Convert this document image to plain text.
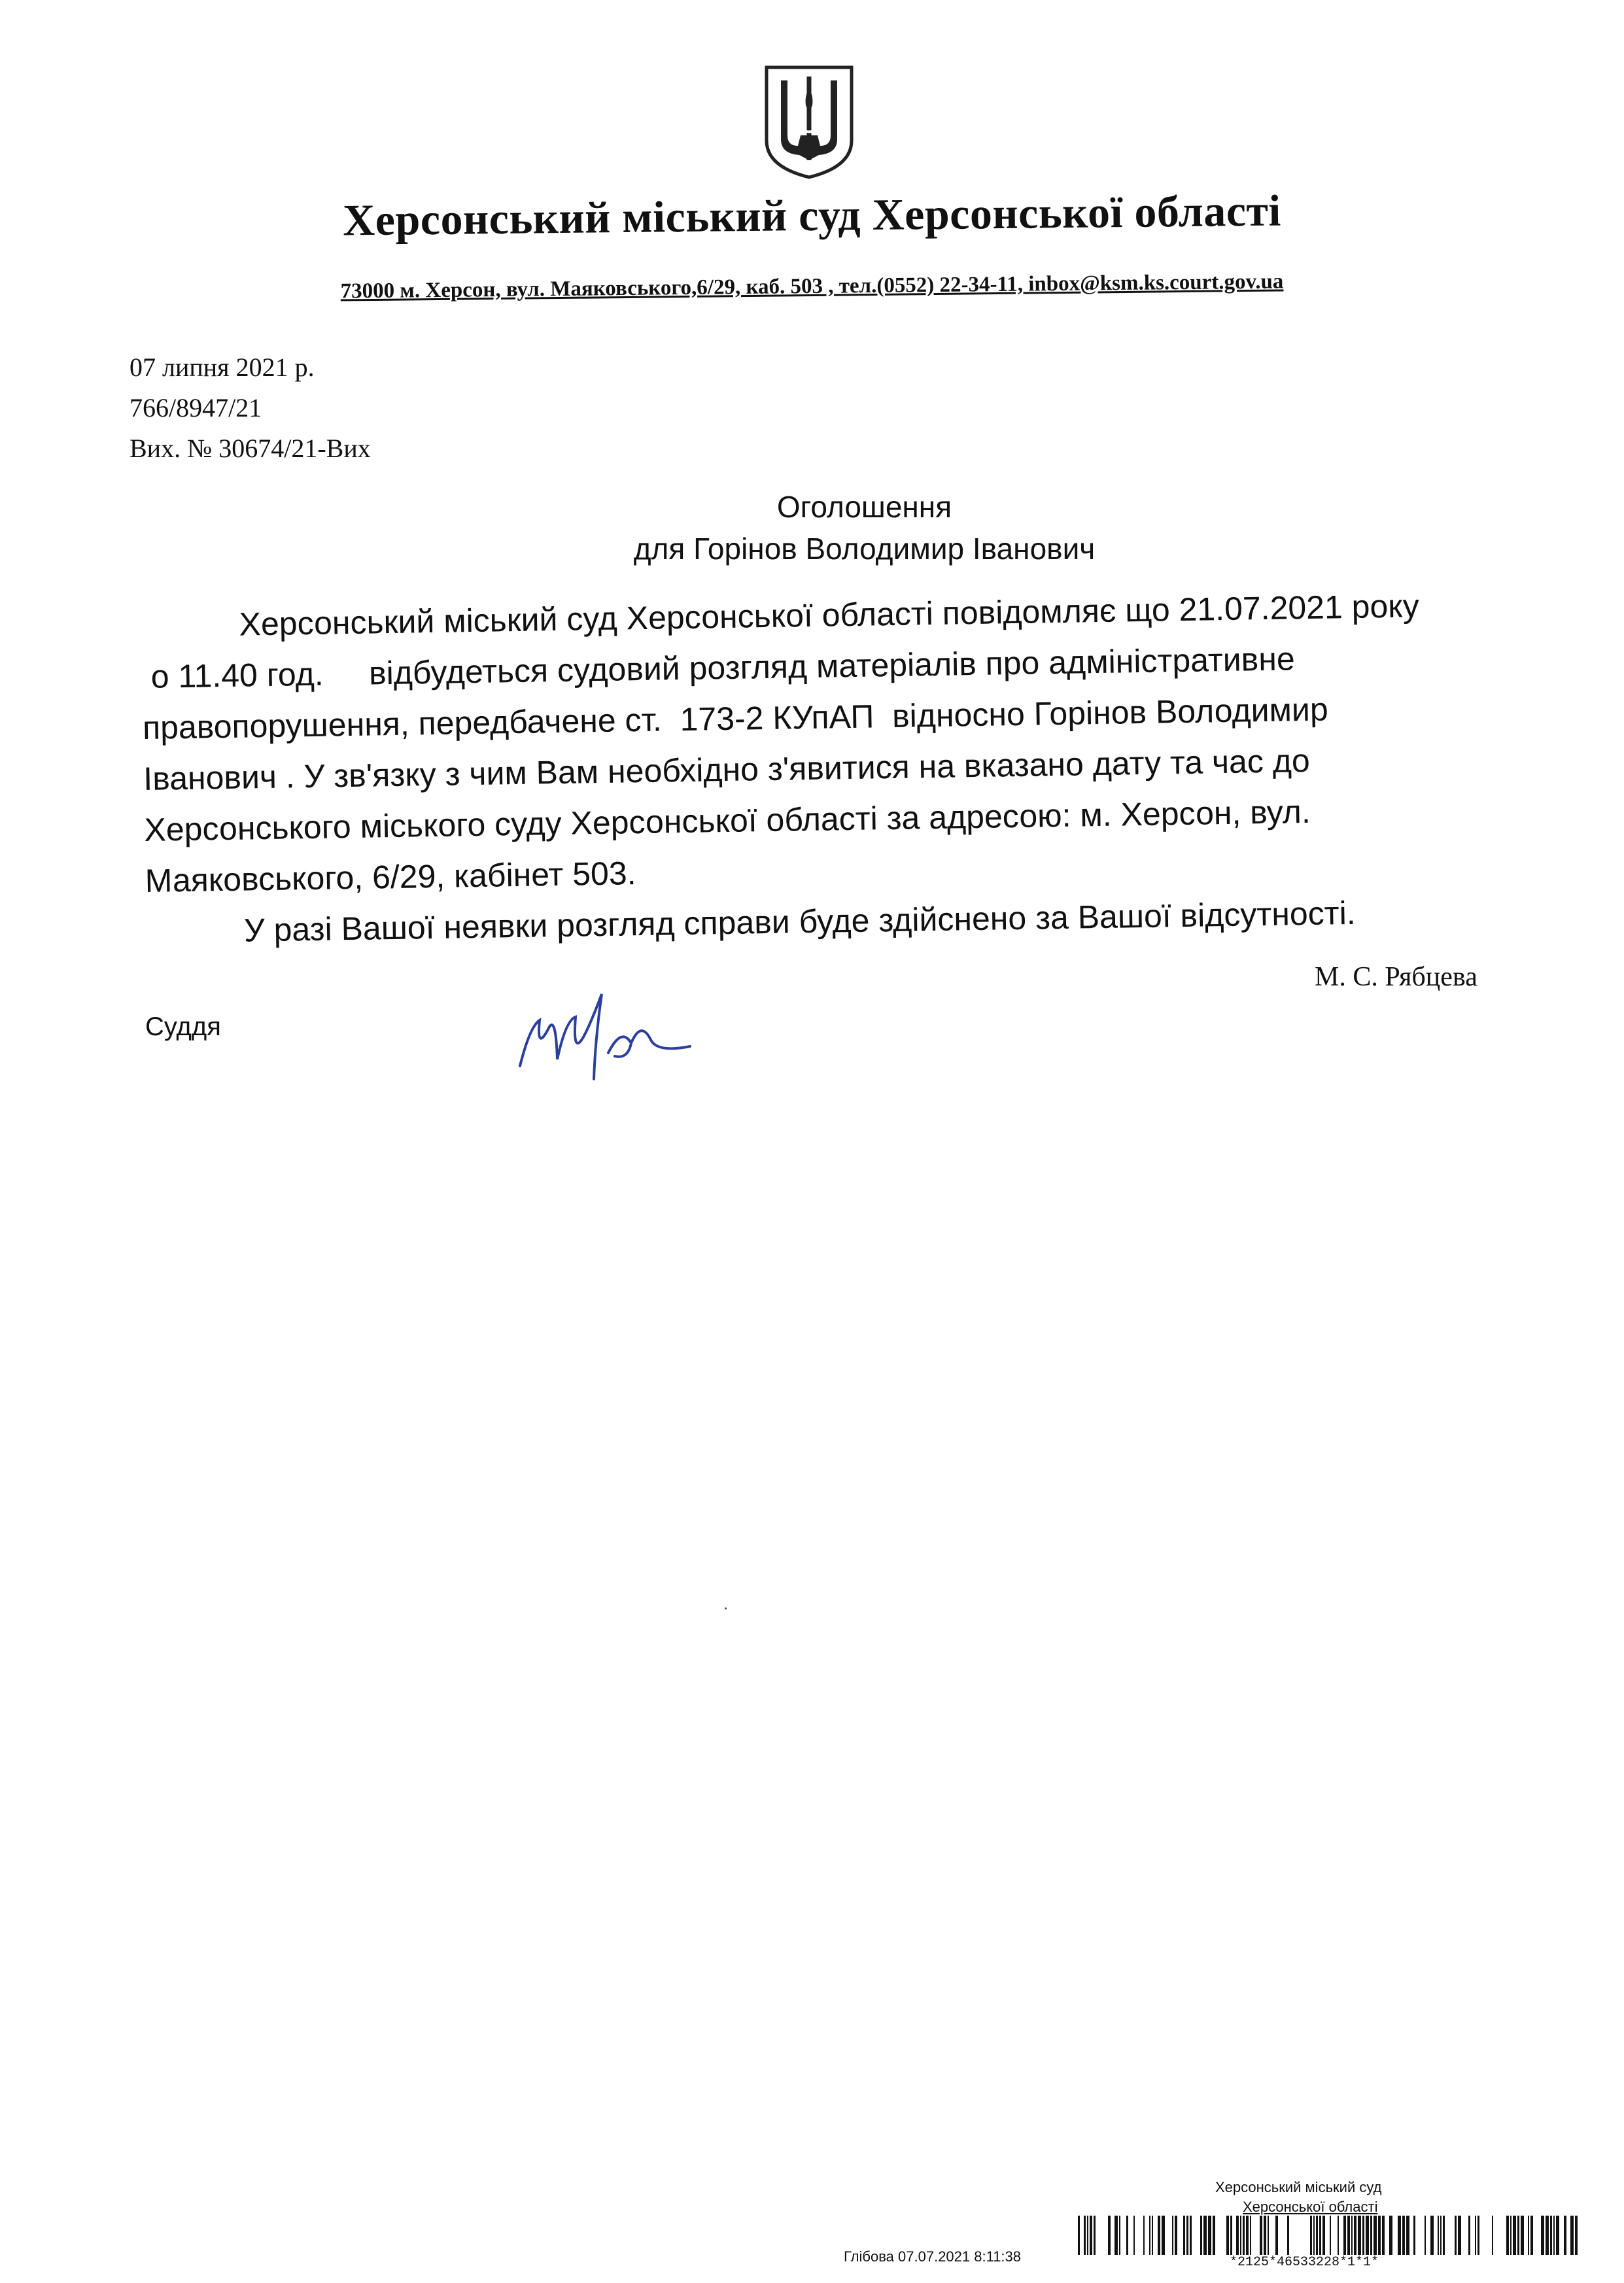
Херсонський міський суд Херсонської області
73000 м. Херсон, вул. Маяковського,6/29, каб. 503 , тел.(0552) 22-34-11, inbox@ksm.ks.court.gov.ua
07 липня 2021 р.
766/8947/21
Вих. № 30674/21-Вих
Оголошення
для Горінов Володимир Іванович

Херсонський міський суд Херсонської області повідомляє що 21.07.2021 року
о 11.40 год.     відбудеться судовий розгляд матеріалів про адміністративне
правопорушення, передбачене ст.  173-2 КУпАП  відносно Горінов Володимир
Іванович . У зв'язку з чим Вам необхідно з'явитися на вказано дату та час до
Херсонського міського суду Херсонської області за адресою: м. Херсон, вул.
Маяковського, 6/29, кабінет 503.

У разі Вашої неявки розгляд справи буде здійснено за Вашої відсутності.

М. С. Рябцева
Суддя
Херсонський міський суд
Херсонської області
Глібова 07.07.2021 8:11:38	*2125*46533228*1*1*
